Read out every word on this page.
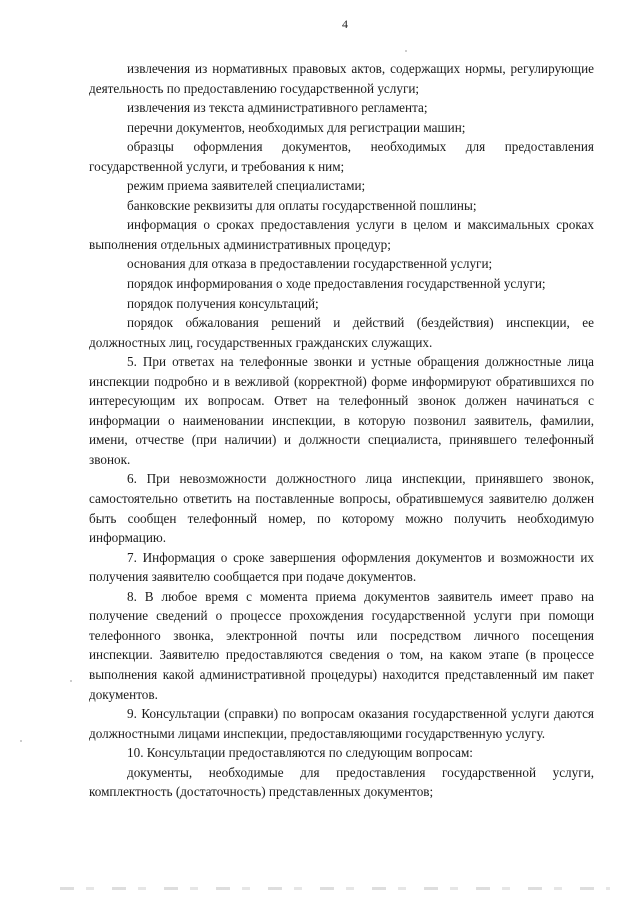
4

извлечения из нормативных правовых актов, содержащих нормы, регулирующие деятельность по предоставлению государственной услуги;

извлечения из текста административного регламента;

перечни документов, необходимых для регистрации машин;

образцы оформления документов, необходимых для предоставления государственной услуги, и требования к ним;

режим приема заявителей специалистами;

банковские реквизиты для оплаты государственной пошлины;

информация о сроках предоставления услуги в целом и максимальных сроках выполнения отдельных административных процедур;

основания для отказа в предоставлении государственной услуги;

порядок информирования о ходе предоставления государственной услуги;

порядок получения консультаций;

порядок обжалования решений и действий (бездействия) инспекции, ее должностных лиц, государственных гражданских служащих.

5. При ответах на телефонные звонки и устные обращения должностные лица инспекции подробно и в вежливой (корректной) форме информируют обратившихся по интересующим их вопросам. Ответ на телефонный звонок должен начинаться с информации о наименовании инспекции, в которую позвонил заявитель, фамилии, имени, отчестве (при наличии) и должности специалиста, принявшего телефонный звонок.

6. При невозможности должностного лица инспекции, принявшего звонок, самостоятельно ответить на поставленные вопросы, обратившемуся заявителю должен быть сообщен телефонный номер, по которому можно получить необходимую информацию.

7. Информация о сроке завершения оформления документов и возможности их получения заявителю сообщается при подаче документов.

8. В любое время с момента приема документов заявитель имеет право на получение сведений о процессе прохождения государственной услуги при помощи телефонного звонка, электронной почты или посредством личного посещения инспекции. Заявителю предоставляются сведения о том, на каком этапе (в процессе выполнения какой административной процедуры) находится представленный им пакет документов.

9. Консультации (справки) по вопросам оказания государственной услуги даются должностными лицами инспекции, предоставляющими государственную услугу.

10. Консультации предоставляются по следующим вопросам:

документы, необходимые для предоставления государственной услуги, комплектность (достаточность) представленных документов;
